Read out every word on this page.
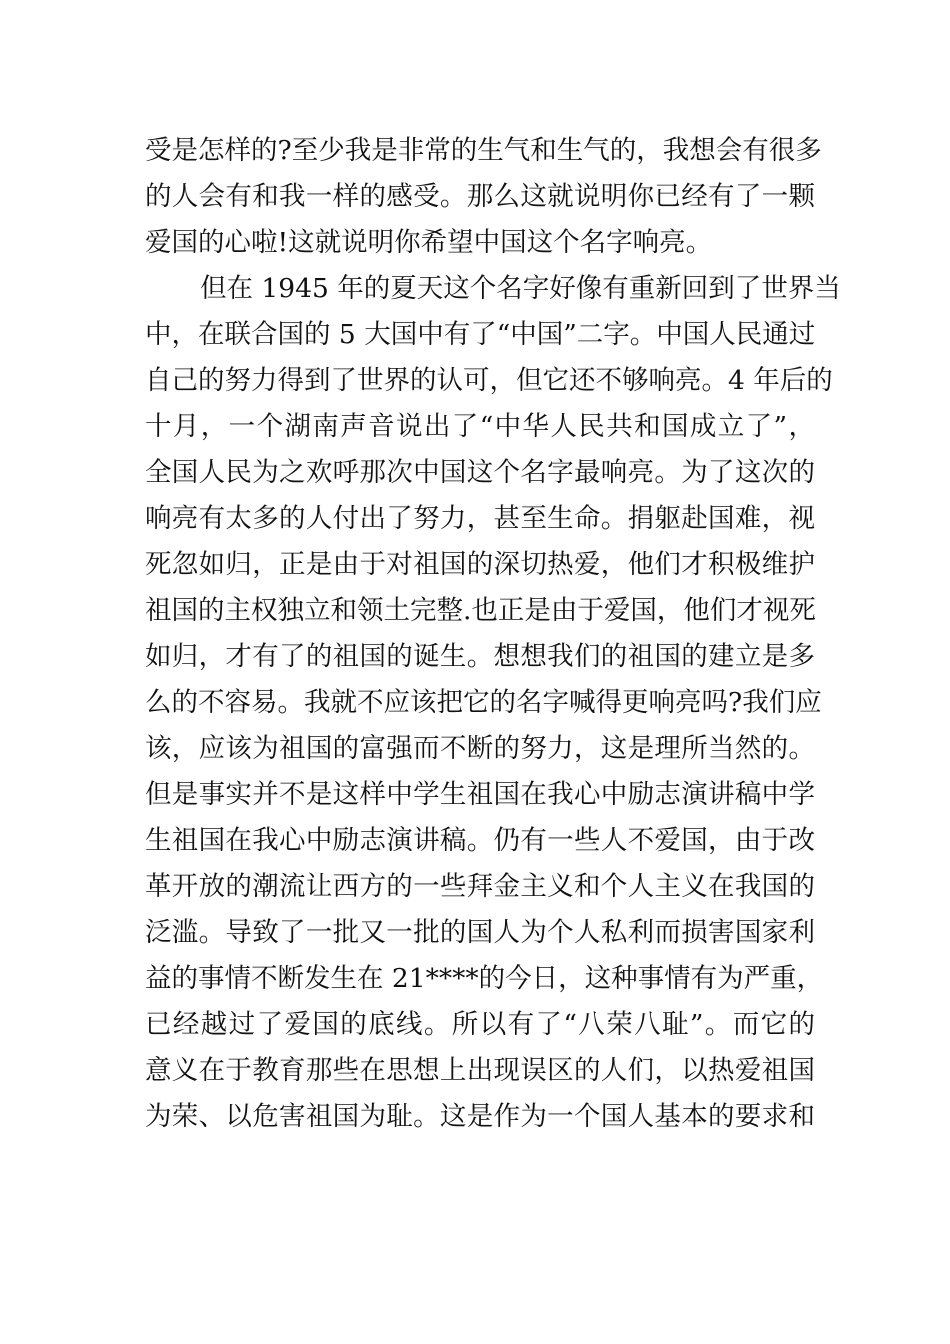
受是怎样的?至少我是非常的生气和生气的，我想会有很多
的人会有和我一样的感受。那么这就说明你已经有了一颗
爱国的心啦!这就说明你希望中国这个名字响亮。
但在 1945 年的夏天这个名字好像有重新回到了世界当
中，在联合国的 5 大国中有了“中国”二字。中国人民通过
自己的努力得到了世界的认可，但它还不够响亮。4 年后的
十月，一个湖南声音说出了“中华人民共和国成立了”，
全国人民为之欢呼那次中国这个名字最响亮。为了这次的
响亮有太多的人付出了努力，甚至生命。捐躯赴国难，视
死忽如归，正是由于对祖国的深切热爱，他们才积极维护
祖国的主权独立和领土完整.也正是由于爱国，他们才视死
如归，才有了的祖国的诞生。想想我们的祖国的建立是多
么的不容易。我就不应该把它的名字喊得更响亮吗?我们应
该，应该为祖国的富强而不断的努力，这是理所当然的。
但是事实并不是这样中学生祖国在我心中励志演讲稿中学
生祖国在我心中励志演讲稿。仍有一些人不爱国，由于改
革开放的潮流让西方的一些拜金主义和个人主义在我国的
泛滥。导致了一批又一批的国人为个人私利而损害国家利
益的事情不断发生在 21****的今日，这种事情有为严重，
已经越过了爱国的底线。所以有了“八荣八耻”。而它的
意义在于教育那些在思想上出现误区的人们，以热爱祖国
为荣、以危害祖国为耻。这是作为一个国人基本的要求和
